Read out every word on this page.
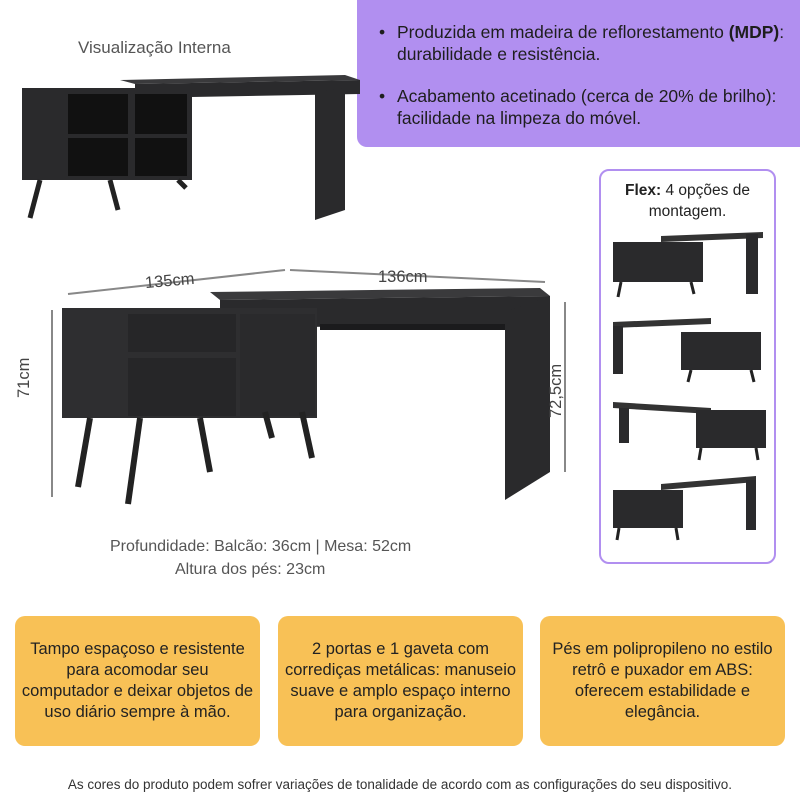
• Produzida em madeira de reflorestamento (MDP): durabilidade e resistência.
• Acabamento acetinado (cerca de 20% de brilho): facilidade na limpeza do móvel.
Visualização Interna
Flex: 4 opções de montagem.
135cm	136cm
71cm	72,5cm
Profundidade: Balcão: 36cm | Mesa: 52cm
Altura dos pés: 23cm
Tampo espaçoso e resistente para acomodar seu computador e deixar objetos de uso diário sempre à mão.
2 portas e 1 gaveta com corrediças metálicas: manuseio suave e amplo espaço interno para organização.
Pés em polipropileno no estilo retrô e puxador em ABS: oferecem estabilidade e elegância.
As cores do produto podem sofrer variações de tonalidade de acordo com as configurações do seu dispositivo.
